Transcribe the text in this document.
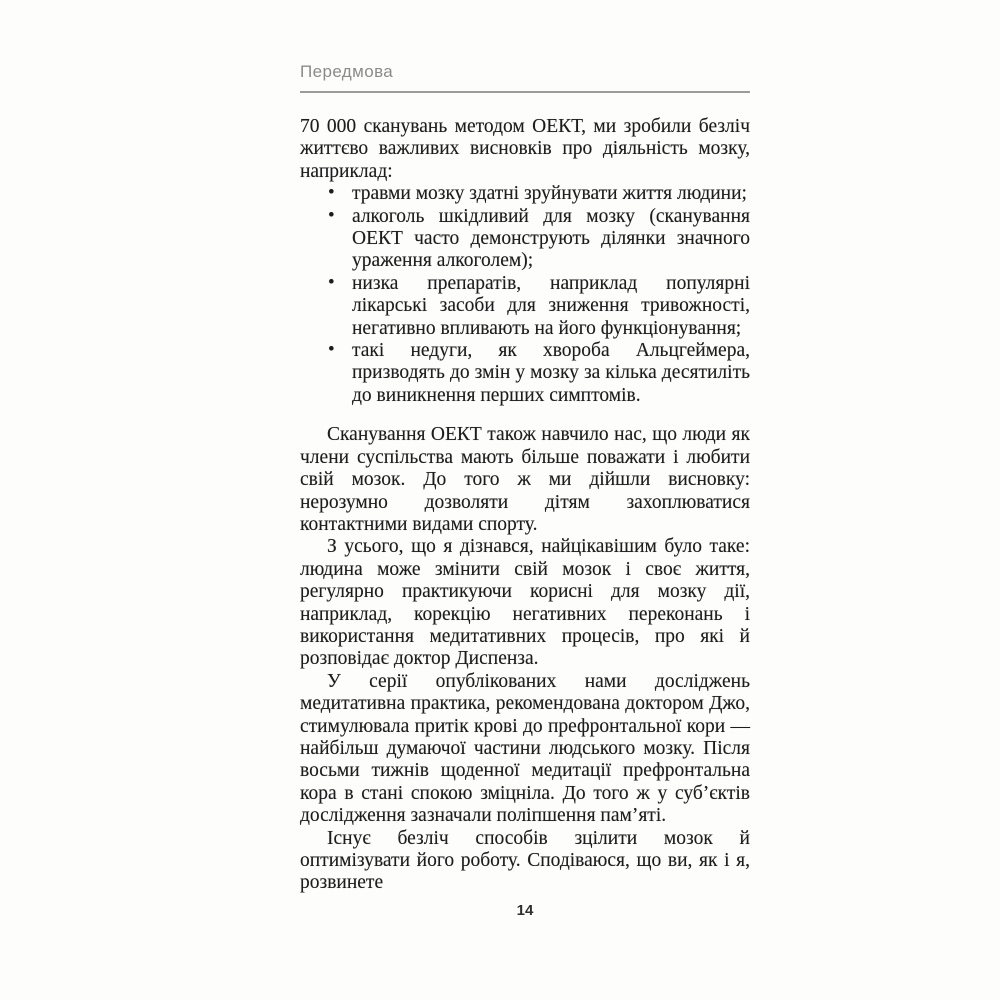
Передмова

70 000 сканувань методом ОЕКТ, ми зробили безліч життєво важливих висновків про діяльність мозку, наприклад:

• травми мозку здатні зруйнувати життя людини;
• алкоголь шкідливий для мозку (сканування ОЕКТ часто демонструють ділянки значного ураження алкоголем);
• низка препаратів, наприклад популярні лікарські засоби для зниження тривожності, негативно впливають на його функціонування;
• такі недуги, як хвороба Альцгеймера, призводять до змін у мозку за кілька десятиліть до виникнення перших симптомів.

Сканування ОЕКТ також навчило нас, що люди як члени суспільства мають більше поважати і любити свій мозок. До того ж ми дійшли висновку: нерозумно дозволяти дітям захоплюватися контактними видами спорту.

З усього, що я дізнався, найцікавішим було таке: людина може змінити свій мозок і своє життя, регулярно практикуючи корисні для мозку дії, наприклад, корекцію негативних переконань і використання медитативних процесів, про які й розповідає доктор Диспенза.

У серії опублікованих нами досліджень медитативна практика, рекомендована доктором Джо, стимулювала притік крові до префронтальної кори — найбільш думаючої частини людського мозку. Після восьми тижнів щоденної медитації префронтальна кора в стані спокою зміцніла. До того ж у суб’єктів дослідження зазначали поліпшення пам’яті.

Існує безліч способів зцілити мозок й оптимізувати його роботу. Сподіваюся, що ви, як і я, розвинете

14
